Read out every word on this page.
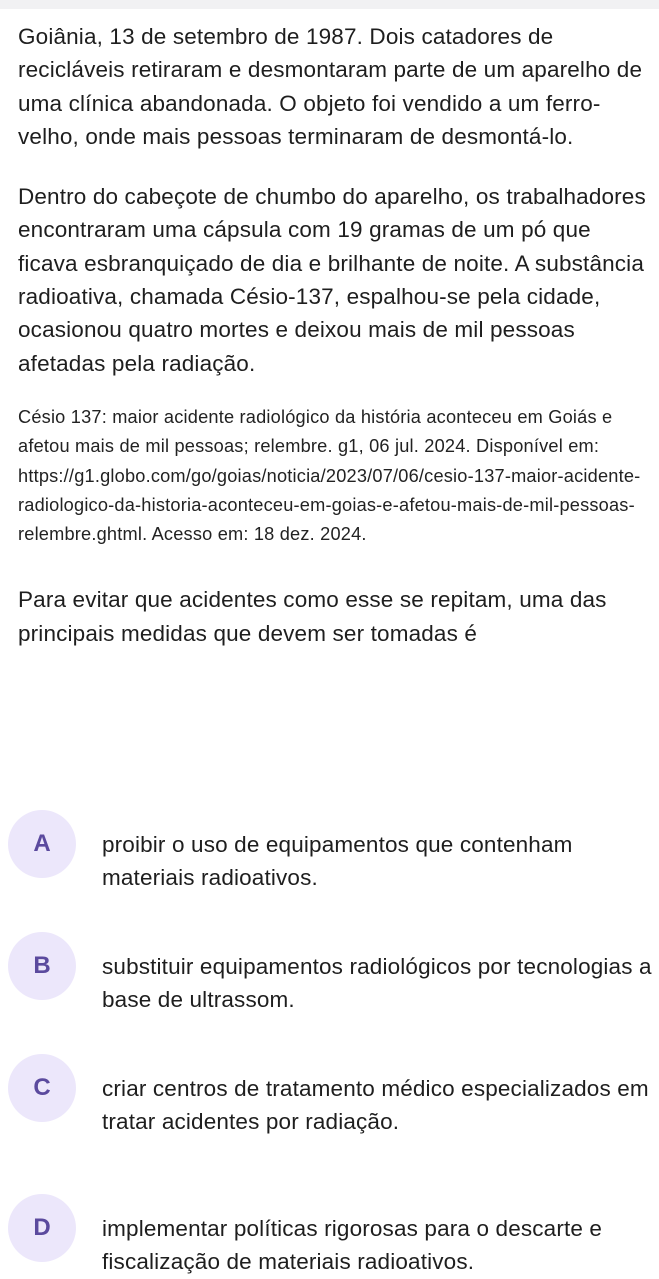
Goiânia, 13 de setembro de 1987. Dois catadores de recicláveis retiraram e desmontaram parte de um aparelho de uma clínica abandonada. O objeto foi vendido a um ferro-velho, onde mais pessoas terminaram de desmontá-lo.

Dentro do cabeçote de chumbo do aparelho, os trabalhadores encontraram uma cápsula com 19 gramas de um pó que ficava esbranquiçado de dia e brilhante de noite. A substância radioativa, chamada Césio-137, espalhou-se pela cidade, ocasionou quatro mortes e deixou mais de mil pessoas afetadas pela radiação.

Césio 137: maior acidente radiológico da história aconteceu em Goiás e afetou mais de mil pessoas; relembre. g1, 06 jul. 2024. Disponível em: https://g1.globo.com/go/goias/noticia/2023/07/06/cesio-137-maior-acidente-radiologico-da-historia-aconteceu-em-goias-e-afetou-mais-de-mil-pessoas-relembre.ghtml. Acesso em: 18 dez. 2024.

Para evitar que acidentes como esse se repitam, uma das principais medidas que devem ser tomadas é

A	proibir o uso de equipamentos que contenham materiais radioativos.
B	substituir equipamentos radiológicos por tecnologias a base de ultrassom.
C	criar centros de tratamento médico especializados em tratar acidentes por radiação.
D	implementar políticas rigorosas para o descarte e fiscalização de materiais radioativos.
